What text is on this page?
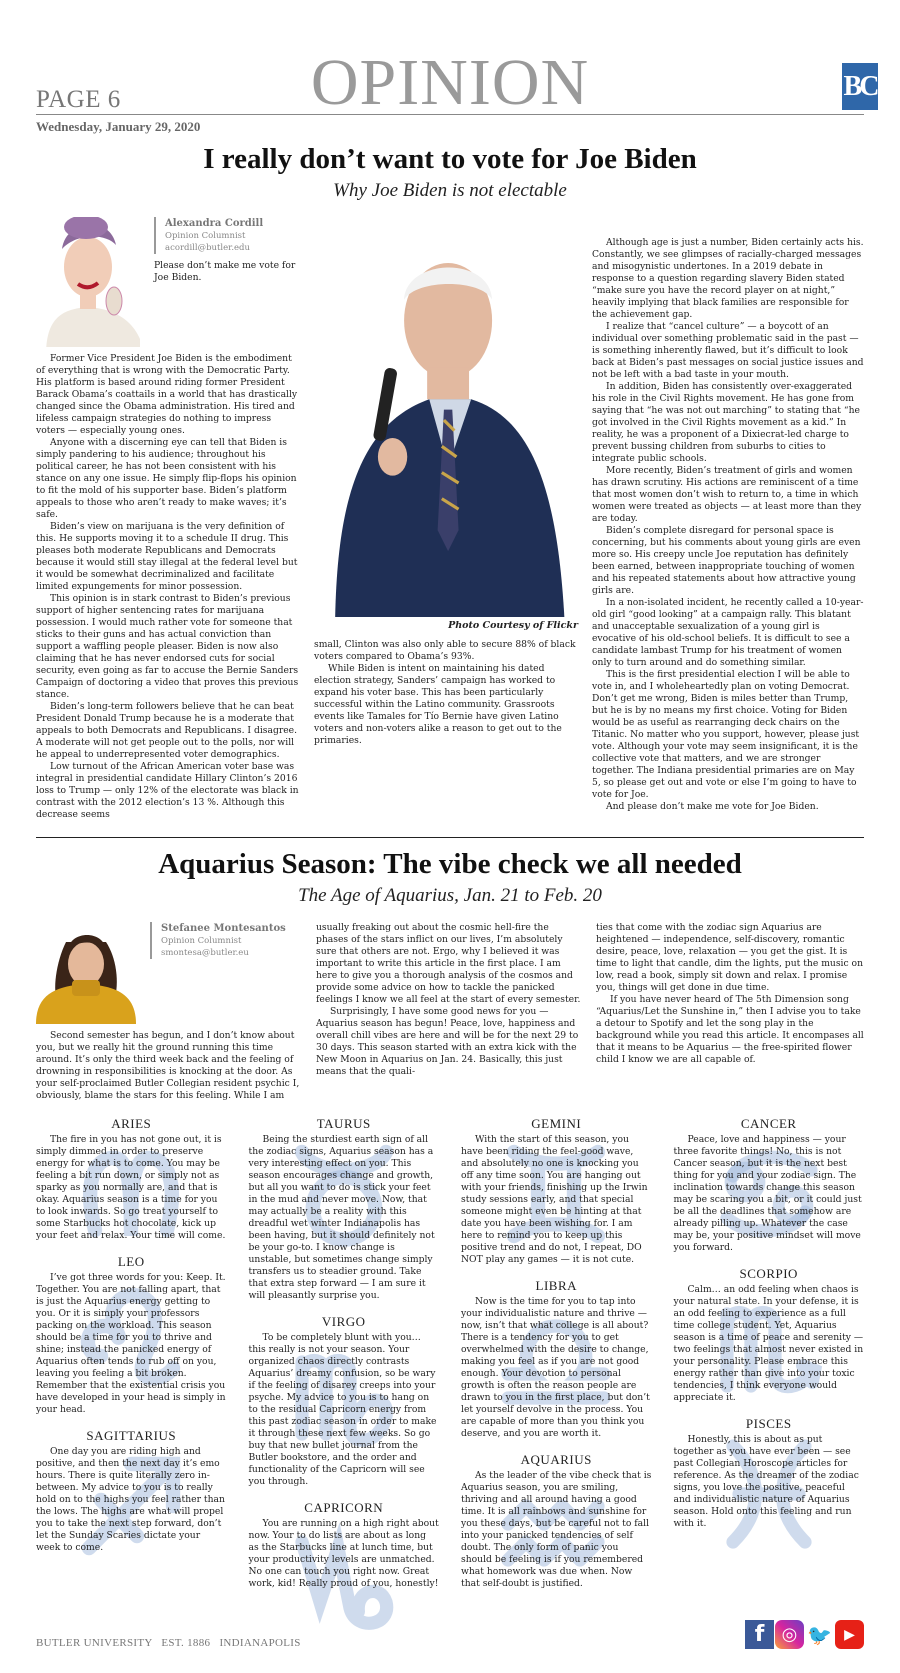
PAGE 6	OPINION	BC
Wednesday, January 29, 2020
I really don’t want to vote for Joe Biden
Why Joe Biden is not electable
Alexandra Cordill
Opinion Columnist
acordill@butler.edu

Please don’t make me vote for Joe Biden.

Former Vice President Joe Biden is the embodiment of everything that is wrong with the Democratic Party. His platform is based around riding former President Barack Obama’s coattails in a world that has drastically changed since the Obama administration. His tired and lifeless campaign strategies do nothing to impress voters — especially young ones.

Anyone with a discerning eye can tell that Biden is simply pandering to his audience; throughout his political career, he has not been consistent with his stance on any one issue. He simply flip-flops his opinion to fit the mold of his supporter base. Biden’s platform appeals to those who aren’t ready to make waves; it’s safe.

Biden’s view on marijuana is the very definition of this. He supports moving it to a schedule II drug. This pleases both moderate Republicans and Democrats because it would still stay illegal at the federal level but it would be somewhat decriminalized and facilitate limited expungements for minor possession.

This opinion is in stark contrast to Biden’s previous support of higher sentencing rates for marijuana possession. I would much rather vote for someone that sticks to their guns and has actual conviction than support a waffling people pleaser. Biden is now also claiming that he has never endorsed cuts for social security, even going as far to accuse the Bernie Sanders Campaign of doctoring a video that proves this previous stance.

Biden’s long-term followers believe that he can beat President Donald Trump because he is a moderate that appeals to both Democrats and Republicans. I disagree. A moderate will not get people out to the polls, nor will he appeal to underrepresented voter demographics.

Low turnout of the African American voter base was integral in presidential candidate Hillary Clinton’s 2016 loss to Trump — only 12% of the electorate was black in contrast with the 2012 election’s 13 %. Although this decrease seems

Photo Courtesy of Flickr

small, Clinton was also only able to secure 88% of black voters compared to Obama’s 93%.

While Biden is intent on maintaining his dated election strategy, Sanders’ campaign has worked to expand his voter base. This has been particularly successful within the Latino community. Grassroots events like Tamales for Tío Bernie have given Latino voters and non-voters alike a reason to get out to the primaries.

Although age is just a number, Biden certainly acts his. Constantly, we see glimpses of racially-charged messages and misogynistic undertones. In a 2019 debate in response to a question regarding slavery Biden stated “make sure you have the record player on at night,” heavily implying that black families are responsible for the achievement gap.

I realize that “cancel culture” — a boycott of an individual over something problematic said in the past — is something inherently flawed, but it’s difficult to look back at Biden’s past messages on social justice issues and not be left with a bad taste in your mouth.

In addition, Biden has consistently over-exaggerated his role in the Civil Rights movement. He has gone from saying that “he was not out marching” to stating that “he got involved in the Civil Rights movement as a kid.” In reality, he was a proponent of a Dixiecrat-led charge to prevent bussing children from suburbs to cities to integrate public schools.

More recently, Biden’s treatment of girls and women has drawn scrutiny. His actions are reminiscent of a time that most women don’t wish to return to, a time in which women were treated as objects — at least more than they are today.

Biden’s complete disregard for personal space is concerning, but his comments about young girls are even more so. His creepy uncle Joe reputation has definitely been earned, between inappropriate touching of women and his repeated statements about how attractive young girls are.

In a non-isolated incident, he recently called a 10-year-old girl “good looking” at a campaign rally. This blatant and unacceptable sexualization of a young girl is evocative of his old-school beliefs. It is difficult to see a candidate lambast Trump for his treatment of women only to turn around and do something similar.

This is the first presidential election I will be able to vote in, and I wholeheartedly plan on voting Democrat. Don’t get me wrong, Biden is miles better than Trump, but he is by no means my first choice. Voting for Biden would be as useful as rearranging deck chairs on the Titanic. No matter who you support, however, please just vote. Although your vote may seem insignificant, it is the collective vote that matters, and we are stronger together. The Indiana presidential primaries are on May 5, so please get out and vote or else I’m going to have to vote for Joe.

And please don’t make me vote for Joe Biden.

Aquarius Season: The vibe check we all needed
The Age of Aquarius, Jan. 21 to Feb. 20
Stefanee Montesantos
Opinion Columnist
smontesa@butler.eu

Second semester has begun, and I don’t know about you, but we really hit the ground running this time around. It’s only the third week back and the feeling of drowning in responsibilities is knocking at the door. As your self-proclaimed Butler Collegian resident psychic I, obviously, blame the stars for this feeling. While I am

usually freaking out about the cosmic hell-fire the phases of the stars inflict on our lives, I’m absolutely sure that others are not. Ergo, why I believed it was important to write this article in the first place. I am here to give you a thorough analysis of the cosmos and provide some advice on how to tackle the panicked feelings I know we all feel at the start of every semester.

Surprisingly, I have some good news for you — Aquarius season has begun! Peace, love, happiness and overall chill vibes are here and will be for the next 29 to 30 days. This season started with an extra kick with the New Moon in Aquarius on Jan. 24. Basically, this just means that the quali-

ties that come with the zodiac sign Aquarius are heightened — independence, self-discovery, romantic desire, peace, love, relaxation — you get the gist. It is time to light that candle, dim the lights, put the music on low, read a book, simply sit down and relax. I promise you, things will get done in due time.

If you have never heard of The 5th Dimension song “Aquarius/Let the Sunshine in,” then I advise you to take a detour to Spotify and let the song play in the background while you read this article. It encompases all that it means to be Aquarius — the free-spirited flower child I know we are all capable of.

ARIES

The fire in you has not gone out, it is simply dimmed in order to preserve energy for what is to come. You may be feeling a bit run down, or simply not as sparky as you normally are, and that is okay. Aquarius season is a time for you to look inwards. So go treat yourself to some Starbucks hot chocolate, kick up your feet and relax. Your time will come.

LEO

I’ve got three words for you: Keep. It. Together. You are not falling apart, that is just the Aquarius energy getting to you. Or it is simply your professors packing on the workload. This season should be a time for you to thrive and shine; instead the panicked energy of Aquarius often tends to rub off on you, leaving you feeling a bit broken. Remember that the existential crisis you have developed in your head is simply in your head.

SAGITTARIUS

One day you are riding high and positive, and then the next day it’s emo hours. There is quite literally zero in-between. My advice to you is to really hold on to the highs you feel rather than the lows. The highs are what will propel you to take the next step forward, don’t let the Sunday Scaries dictate your week to come.

TAURUS

Being the sturdiest earth sign of all the zodiac signs, Aquarius season has a very interesting effect on you. This season encourages change and growth, but all you want to do is stick your feet in the mud and never move. Now, that may actually be a reality with this dreadful wet winter Indianapolis has been having, but it should definitely not be your go-to. I know change is unstable, but sometimes change simply transfers us to steadier ground. Take that extra step forward — I am sure it will pleasantly surprise you.

VIRGO

To be completely blunt with you… this really is not your season. Your organized chaos directly contrasts Aquarius’ dreamy confusion, so be wary if the feeling of disarey creeps into your psyche. My advice to you is to hang on to the residual Capricorn energy from this past zodiac season in order to make it through these next few weeks. So go buy that new bullet journal from the Butler bookstore, and the order and functionality of the Capricorn will see you through.

CAPRICORN

You are running on a high right about now. Your to do lists are about as long as the Starbucks line at lunch time, but your productivity levels are unmatched. No one can touch you right now. Great work, kid! Really proud of you, honestly!

GEMINI

With the start of this season, you have been riding the feel-good wave, and absolutely no one is knocking you off any time soon. You are hanging out with your friends, finishing up the Irwin study sessions early, and that special someone might even be hinting at that date you have been wishing for. I am here to remind you to keep up this positive trend and do not, I repeat, DO NOT play any games — it is not cute.

LIBRA

Now is the time for you to tap into your individualistic nature and thrive — now, isn’t that what college is all about? There is a tendency for you to get overwhelmed with the desire to change, making you feel as if you are not good enough. Your devotion to personal growth is often the reason people are drawn to you in the first place, but don’t let yourself devolve in the process. You are capable of more than you think you deserve, and you are worth it.

AQUARIUS

As the leader of the vibe check that is Aquarius season, you are smiling, thriving and all around having a good time. It is all rainbows and sunshine for you these days, but be careful not to fall into your panicked tendencies of self doubt. The only form of panic you should be feeling is if you remembered what homework was due when. Now that self-doubt is justified.

CANCER

Peace, love and happiness — your three favorite things! No, this is not Cancer season, but it is the next best thing for you and your zodiac sign. The inclination towards change this season may be scaring you a bit, or it could just be all the deadlines that somehow are already pilling up. Whatever the case may be, your positive mindset will move you forward.

SCORPIO

Calm… an odd feeling when chaos is your natural state. In your defense, it is an odd feeling to experience as a full time college student. Yet, Aquarius season is a time of peace and serenity — two feelings that almost never existed in your personality. Please embrace this energy rather than give into your toxic tendencies, I think everyone would appreciate it.

PISCES

Honestly, this is about as put together as you have ever been — see past Collegian Horoscope articles for reference. As the dreamer of the zodiac signs, you love the positive, peaceful and individualistic nature of Aquarius season. Hold onto this feeling and run with it.

BUTLER UNIVERSITY   EST. 1886   INDIANAPOLIS	f ◎ 🐦 ▶
